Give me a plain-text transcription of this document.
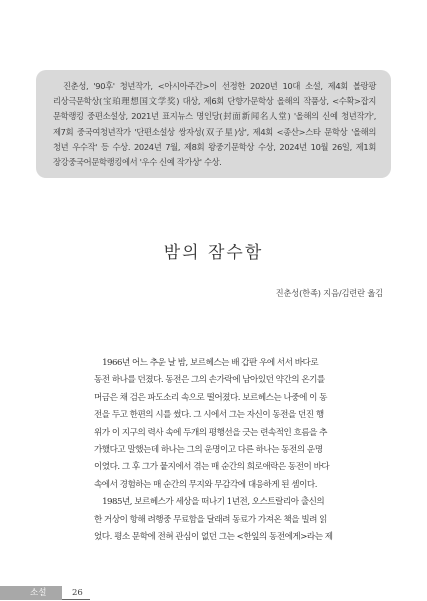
진춘성, '90후' 청년작가, <아시아주간>이 선정한 2020년 10대 소설, 제4회 볼랑팡 리상극문학상(宝珀理想国文学奖) 대상, 제6회 단향가문학상 올해의 작품상, <수확>잡지 문학랭킹 중편소설상, 2021년 표지뉴스 명인당(封面新闻名人堂) '올해의 신예 청년작가', 제7회 중국여청년작가 '단편소설상 쌍자성(双子星)상', 제4회 <종산>스타 문학상 '올해의 청년 우수작' 등 수상. 2024년 7월, 제8회 왕중기문학상 수상, 2024년 10월 26일, 제1회 장강중국어문학랭킹에서 '우수 신예 작가상' 수상.

밤의 잠수함

진춘성(한족) 지음/김련란 옮김

　1966년 어느 추운 날 밤, 보르헤스는 배 갑판 우에 서서 바다로
동전 하나를 던졌다. 동전은 그의 손가락에 남아있던 약간의 온기를
머금은 채 검은 파도소리 속으로 떨어졌다. 보르헤스는 나중에 이 동
전을 두고 한편의 시를 썼다. 그 시에서 그는 자신이 동전을 던진 행
위가 이 지구의 력사 속에 두개의 평행선을 긋는 련속적인 흐름을 추
가했다고 말했는데 하나는 그의 운명이고 다른 하나는 동전의 운명
이였다. 그 후 그가 뭍지에서 겪는 매 순간의 희로애락은 동전이 바다
속에서 경험하는 매 순간의 무지와 무감각에 대응하게 된 셈이다.
　1985년, 보르헤스가 세상을 떠나기 1년전, 오스트랄리아 출신의
한 거상이 항해 려행중 무료함을 달래려 동료가 가져온 책을 빌려 읽
었다. 평소 문학에 전혀 관심이 없던 그는 <한잎의 동전에게>라는 제
소설	26
